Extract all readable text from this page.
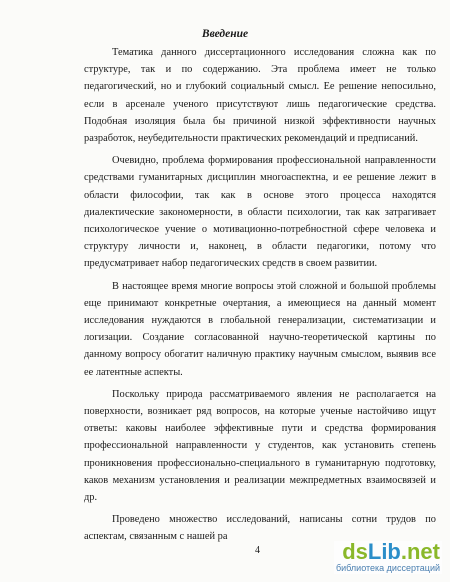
Введение

Тематика данного диссертационного исследования сложна как по структуре, так и по содержанию. Эта проблема имеет не только педагогический, но и глубокий социальный смысл. Ее решение непосильно, если в арсенале ученого присутствуют лишь педагогические средства. Подобная изоляция была бы причиной низкой эффективности научных разработок, неубедительности практических рекомендаций и предписаний.

Очевидно, проблема формирования профессиональной направленности средствами гуманитарных дисциплин многоаспектна, и ее решение лежит в области философии, так как в основе этого процесса находятся диалектические закономерности, в области психологии, так как затрагивает психологическое учение о мотивационно-потребностной сфере человека и структуру личности и, наконец, в области педагогики, потому что предусматривает набор педагогических средств в своем развитии.

В настоящее время многие вопросы этой сложной и большой проблемы еще принимают конкретные очертания, а имеющиеся на данный момент исследования нуждаются в глобальной генерализации, систематизации и логизации. Создание согласованной научно-теоретической картины по данному вопросу обогатит наличную практику научным смыслом, выявив все ее латентные аспекты.

Поскольку природа рассматриваемого явления не располагается на поверхности, возникает ряд вопросов, на которые ученые настойчиво ищут ответы: каковы наиболее эффективные пути и средства формирования профессиональной направленности у студентов, как установить степень проникновения профессионально-специального в гуманитарную подготовку, каков механизм установления и реализации межпредметных взаимосвязей и др.

Проведено множество исследований, написаны сотни трудов по аспектам, связанным с нашей ра

4	dsLib.net
библиотека диссертаций
